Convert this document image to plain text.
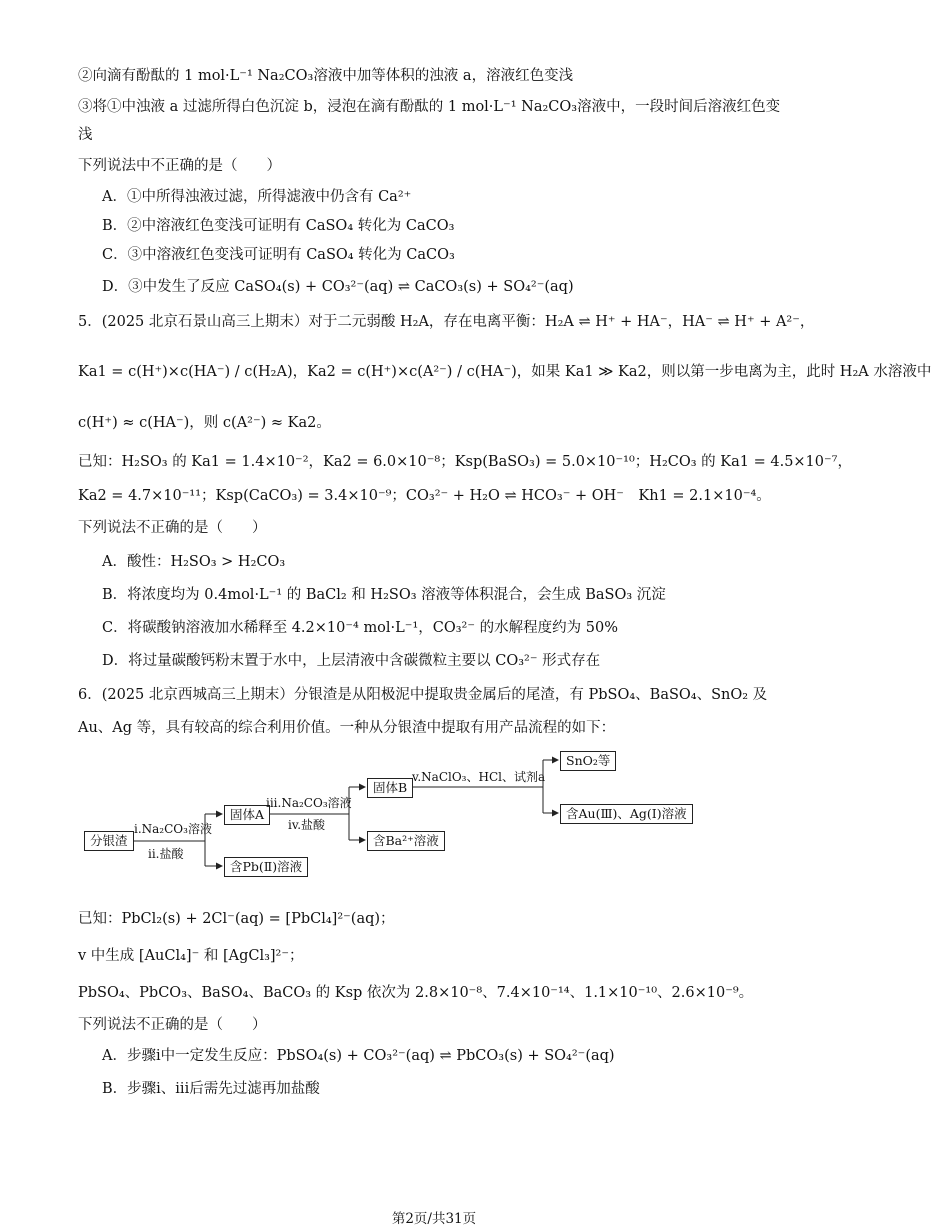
②向滴有酚酞的 1 mol·L⁻¹ Na₂CO₃溶液中加等体积的浊液 a，溶液红色变浅
③将①中浊液 a 过滤所得白色沉淀 b，浸泡在滴有酚酞的 1 mol·L⁻¹ Na₂CO₃溶液中，一段时间后溶液红色变
浅
下列说法中不正确的是（　　）
A．①中所得浊液过滤，所得滤液中仍含有 Ca²⁺
B．②中溶液红色变浅可证明有 CaSO₄ 转化为 CaCO₃
C．③中溶液红色变浅可证明有 CaSO₄ 转化为 CaCO₃
D．③中发生了反应 CaSO₄(s) + CO₃²⁻(aq) ⇌ CaCO₃(s) + SO₄²⁻(aq)
5．(2025 北京石景山高三上期末）对于二元弱酸 H₂A，存在电离平衡：H₂A ⇌ H⁺ + HA⁻，HA⁻ ⇌ H⁺ + A²⁻，
Ka1 = c(H⁺)×c(HA⁻) / c(H₂A)，Ka2 = c(H⁺)×c(A²⁻) / c(HA⁻)，如果 Ka1 ≫ Ka2，则以第一步电离为主，此时 H₂A 水溶液中
c(H⁺) ≈ c(HA⁻)，则 c(A²⁻) ≈ Ka2。
已知：H₂SO₃ 的 Ka1 = 1.4×10⁻²，Ka2 = 6.0×10⁻⁸；Ksp(BaSO₃) = 5.0×10⁻¹⁰；H₂CO₃ 的 Ka1 = 4.5×10⁻⁷，
Ka2 = 4.7×10⁻¹¹；Ksp(CaCO₃) = 3.4×10⁻⁹；CO₃²⁻ + H₂O ⇌ HCO₃⁻ + OH⁻　Kh1 = 2.1×10⁻⁴。
下列说法不正确的是（　　）
A．酸性：H₂SO₃ > H₂CO₃
B．将浓度均为 0.4mol·L⁻¹ 的 BaCl₂ 和 H₂SO₃ 溶液等体积混合，会生成 BaSO₃ 沉淀
C．将碳酸钠溶液加水稀释至 4.2×10⁻⁴ mol·L⁻¹，CO₃²⁻ 的水解程度约为 50%
D．将过量碳酸钙粉末置于水中，上层清液中含碳微粒主要以 CO₃²⁻ 形式存在
6．(2025 北京西城高三上期末）分银渣是从阳极泥中提取贵金属后的尾渣，有 PbSO₄、BaSO₄、SnO₂ 及
Au、Ag 等，具有较高的综合利用价值。一种从分银渣中提取有用产品流程的如下：
分银渣
i.Na₂CO₃溶液
ii.盐酸
固体A
含Pb(Ⅱ)溶液
iii.Na₂CO₃溶液
iv.盐酸
固体B
含Ba²⁺溶液
v.NaClO₃、HCl、试剂a
SnO₂等
含Au(Ⅲ)、Ag(Ⅰ)溶液
已知：PbCl₂(s) + 2Cl⁻(aq) = [PbCl₄]²⁻(aq)；
v 中生成 [AuCl₄]⁻ 和 [AgCl₃]²⁻；
PbSO₄、PbCO₃、BaSO₄、BaCO₃ 的 Ksp 依次为 2.8×10⁻⁸、7.4×10⁻¹⁴、1.1×10⁻¹⁰、2.6×10⁻⁹。
下列说法不正确的是（　　）
A．步骤i中一定发生反应：PbSO₄(s) + CO₃²⁻(aq) ⇌ PbCO₃(s) + SO₄²⁻(aq)
B．步骤i、iii后需先过滤再加盐酸
第2页/共31页
